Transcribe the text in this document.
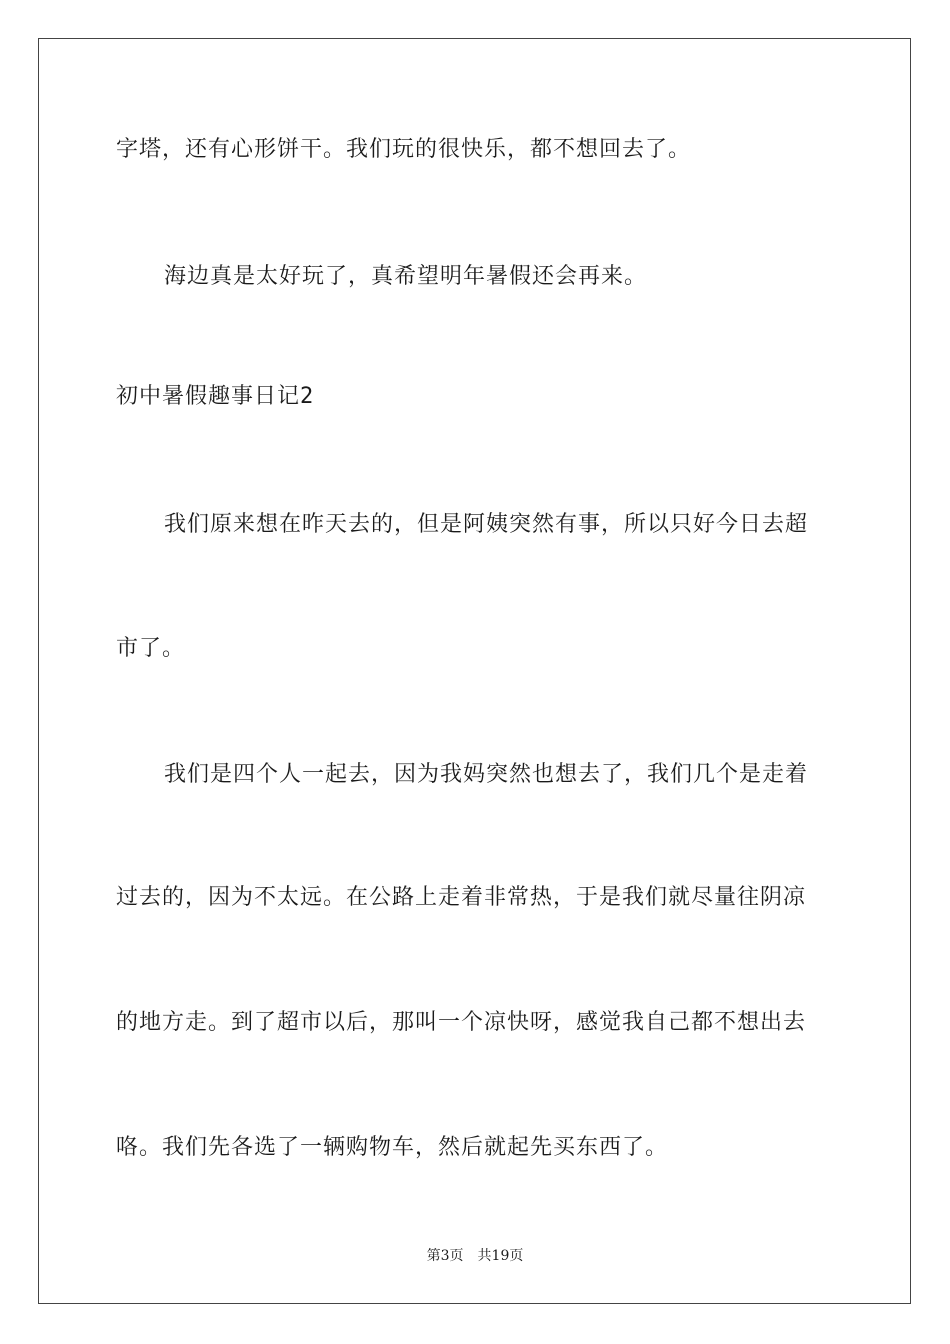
字塔，还有心形饼干。我们玩的很快乐，都不想回去了。
海边真是太好玩了，真希望明年暑假还会再来。
初中暑假趣事日记2
我们原来想在昨天去的，但是阿姨突然有事，所以只好今日去超
市了。
我们是四个人一起去，因为我妈突然也想去了，我们几个是走着
过去的，因为不太远。在公路上走着非常热，于是我们就尽量往阴凉
的地方走。到了超市以后，那叫一个凉快呀，感觉我自己都不想出去
咯。我们先各选了一辆购物车，然后就起先买东西了。
第3页 共19页
